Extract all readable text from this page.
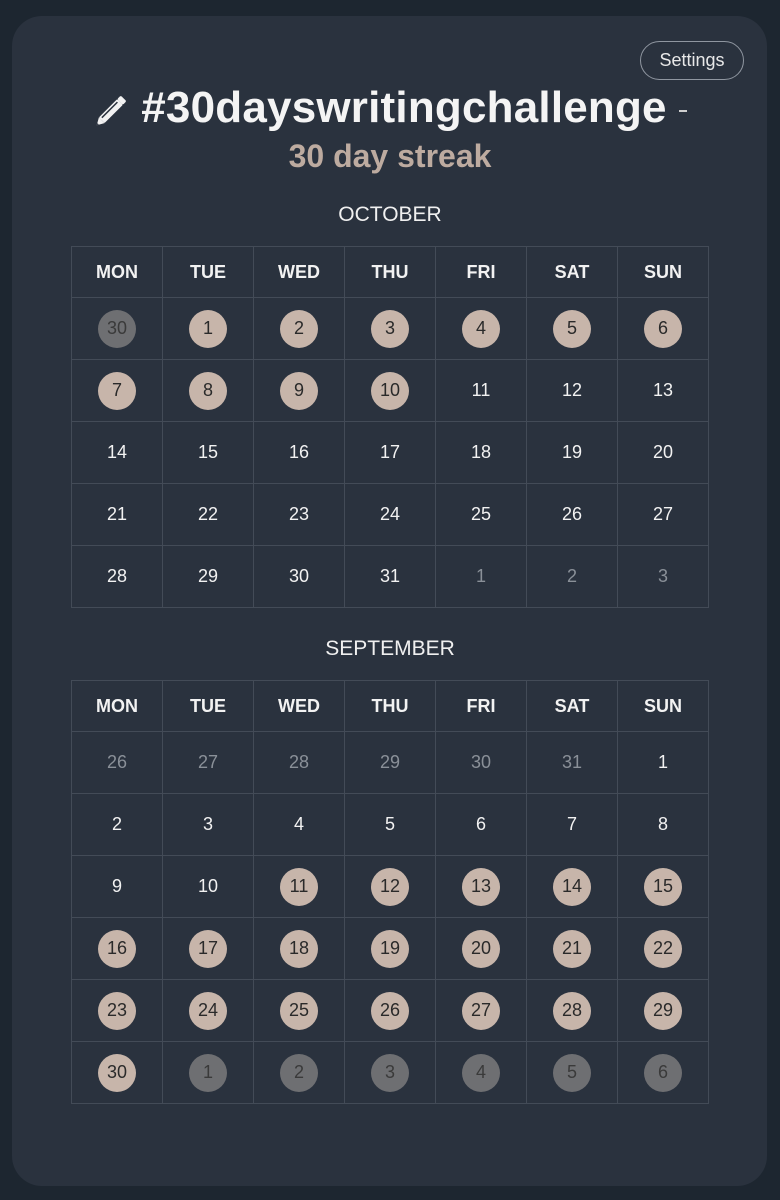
Settings
#30dayswritingchallenge
30 day streak
OCTOBER
MON	TUE	WED	THU	FRI	SAT	SUN
30	1	2	3	4	5	6
7	8	9	10	11	12	13
14	15	16	17	18	19	20
21	22	23	24	25	26	27
28	29	30	31	1	2	3
SEPTEMBER
MON	TUE	WED	THU	FRI	SAT	SUN
26	27	28	29	30	31	1
2	3	4	5	6	7	8
9	10	11	12	13	14	15
16	17	18	19	20	21	22
23	24	25	26	27	28	29
30	1	2	3	4	5	6
